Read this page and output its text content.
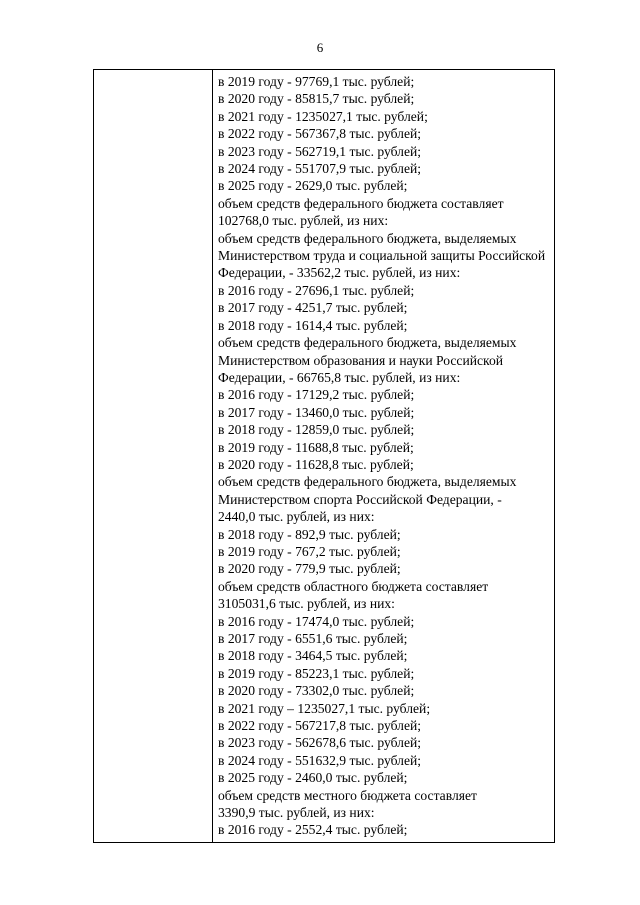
6
в 2019 году - 97769,1 тыс. рублей;
в 2020 году - 85815,7 тыс. рублей;
в 2021 году - 1235027,1 тыс. рублей;
в 2022 году - 567367,8 тыс. рублей;
в 2023 году - 562719,1 тыс. рублей;
в 2024 году - 551707,9 тыс. рублей;
в 2025 году - 2629,0 тыс. рублей;
объем средств федерального бюджета составляет
102768,0 тыс. рублей, из них:
объем средств федерального бюджета, выделяемых
Министерством труда и социальной защиты Российской
Федерации, - 33562,2 тыс. рублей, из них:
в 2016 году - 27696,1 тыс. рублей;
в 2017 году - 4251,7 тыс. рублей;
в 2018 году - 1614,4 тыс. рублей;
объем средств федерального бюджета, выделяемых
Министерством образования и науки Российской
Федерации, - 66765,8 тыс. рублей, из них:
в 2016 году - 17129,2 тыс. рублей;
в 2017 году - 13460,0 тыс. рублей;
в 2018 году - 12859,0 тыс. рублей;
в 2019 году - 11688,8 тыс. рублей;
в 2020 году - 11628,8 тыс. рублей;
объем средств федерального бюджета, выделяемых
Министерством спорта Российской Федерации, -
2440,0 тыс. рублей, из них:
в 2018 году - 892,9 тыс. рублей;
в 2019 году - 767,2 тыс. рублей;
в 2020 году - 779,9 тыс. рублей;
объем средств областного бюджета составляет
3105031,6 тыс. рублей, из них:
в 2016 году - 17474,0 тыс. рублей;
в 2017 году - 6551,6 тыс. рублей;
в 2018 году - 3464,5 тыс. рублей;
в 2019 году - 85223,1 тыс. рублей;
в 2020 году - 73302,0 тыс. рублей;
в 2021 году – 1235027,1 тыс. рублей;
в 2022 году - 567217,8 тыс. рублей;
в 2023 году - 562678,6 тыс. рублей;
в 2024 году - 551632,9 тыс. рублей;
в 2025 году - 2460,0 тыс. рублей;
объем средств местного бюджета составляет
3390,9 тыс. рублей, из них:
в 2016 году - 2552,4 тыс. рублей;
